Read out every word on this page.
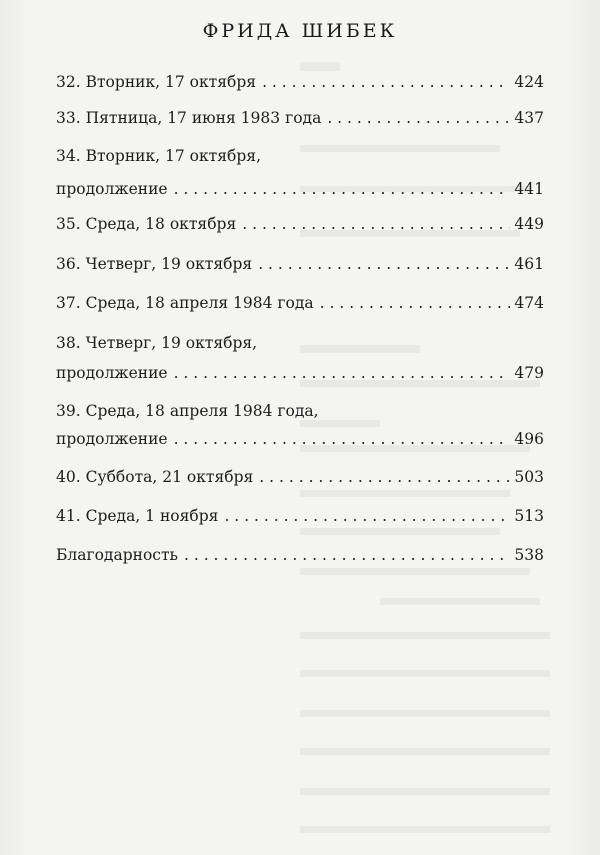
ФРИДА ШИБЕК
32.
Вторник, 17 октября . . .	424
33.
Пятница, 17 июня 1983 года . . .	437
34. Вторник, 17 октября,
продолжение . . .	441
35.
Среда, 18 октября . . .	449
36.
Четверг, 19 октября . . .	461
37.
Среда, 18 апреля 1984 года . . .	474
38. Четверг, 19 октября,
продолжение . . .	479
39. Среда, 18 апреля 1984 года,
продолжение . . .	496
40.
Суббота, 21 октября . . .	503
41.
Среда, 1 ноября . . .	513
Благодарность . . .	538
